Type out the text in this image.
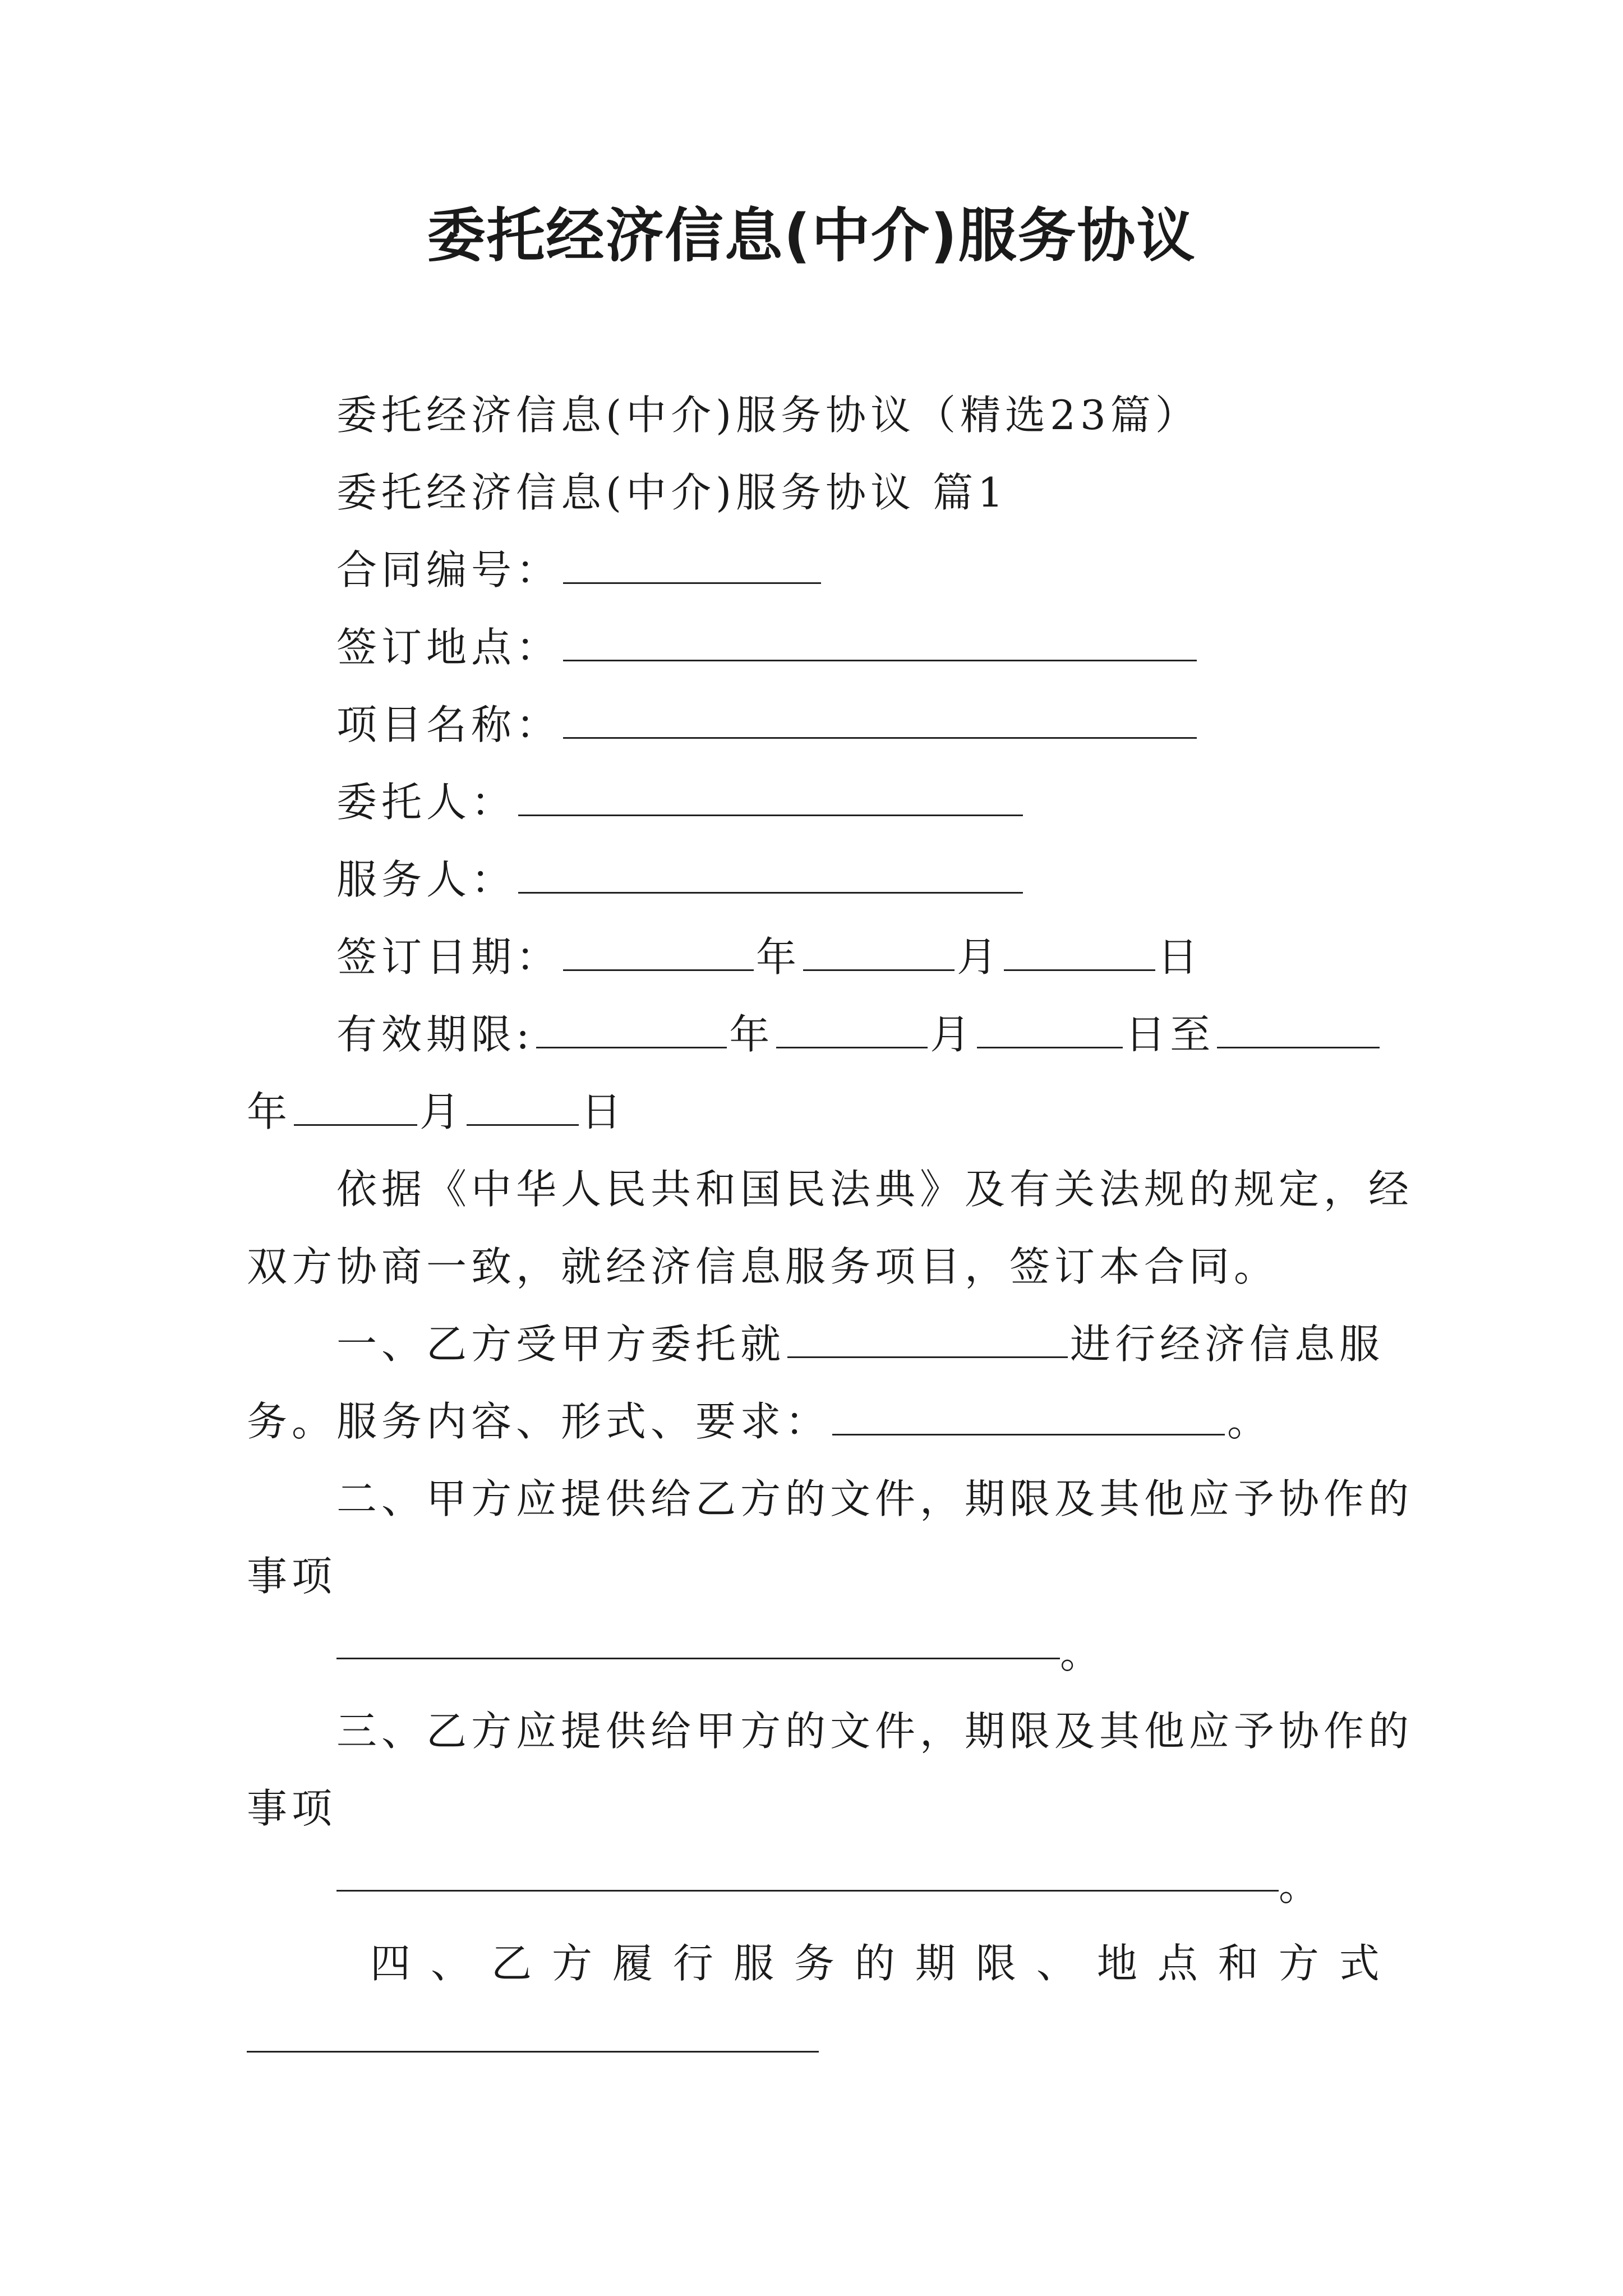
委托经济信息(中介)服务协议
委托经济信息(中介)服务协议（精选23篇）
委托经济信息(中介)服务协议 篇1
合同编号：
签订地点：
项目名称：
委托人：
服务人：
签订日期：	年	月	日
有效期限:	年	月	日至
年	月	日
依据《中华人民共和国民法典》及有关法规的规定，经
双方协商一致，就经济信息服务项目，签订本合同。
一、乙方受甲方委托就	进行经济信息服
务。服务内容、形式、要求：	。
二、甲方应提供给乙方的文件，期限及其他应予协作的
事项
。
三、乙方应提供给甲方的文件，期限及其他应予协作的
事项
。
四 、 乙 方 履 行 服 务 的 期 限 、 地 点 和 方 式
